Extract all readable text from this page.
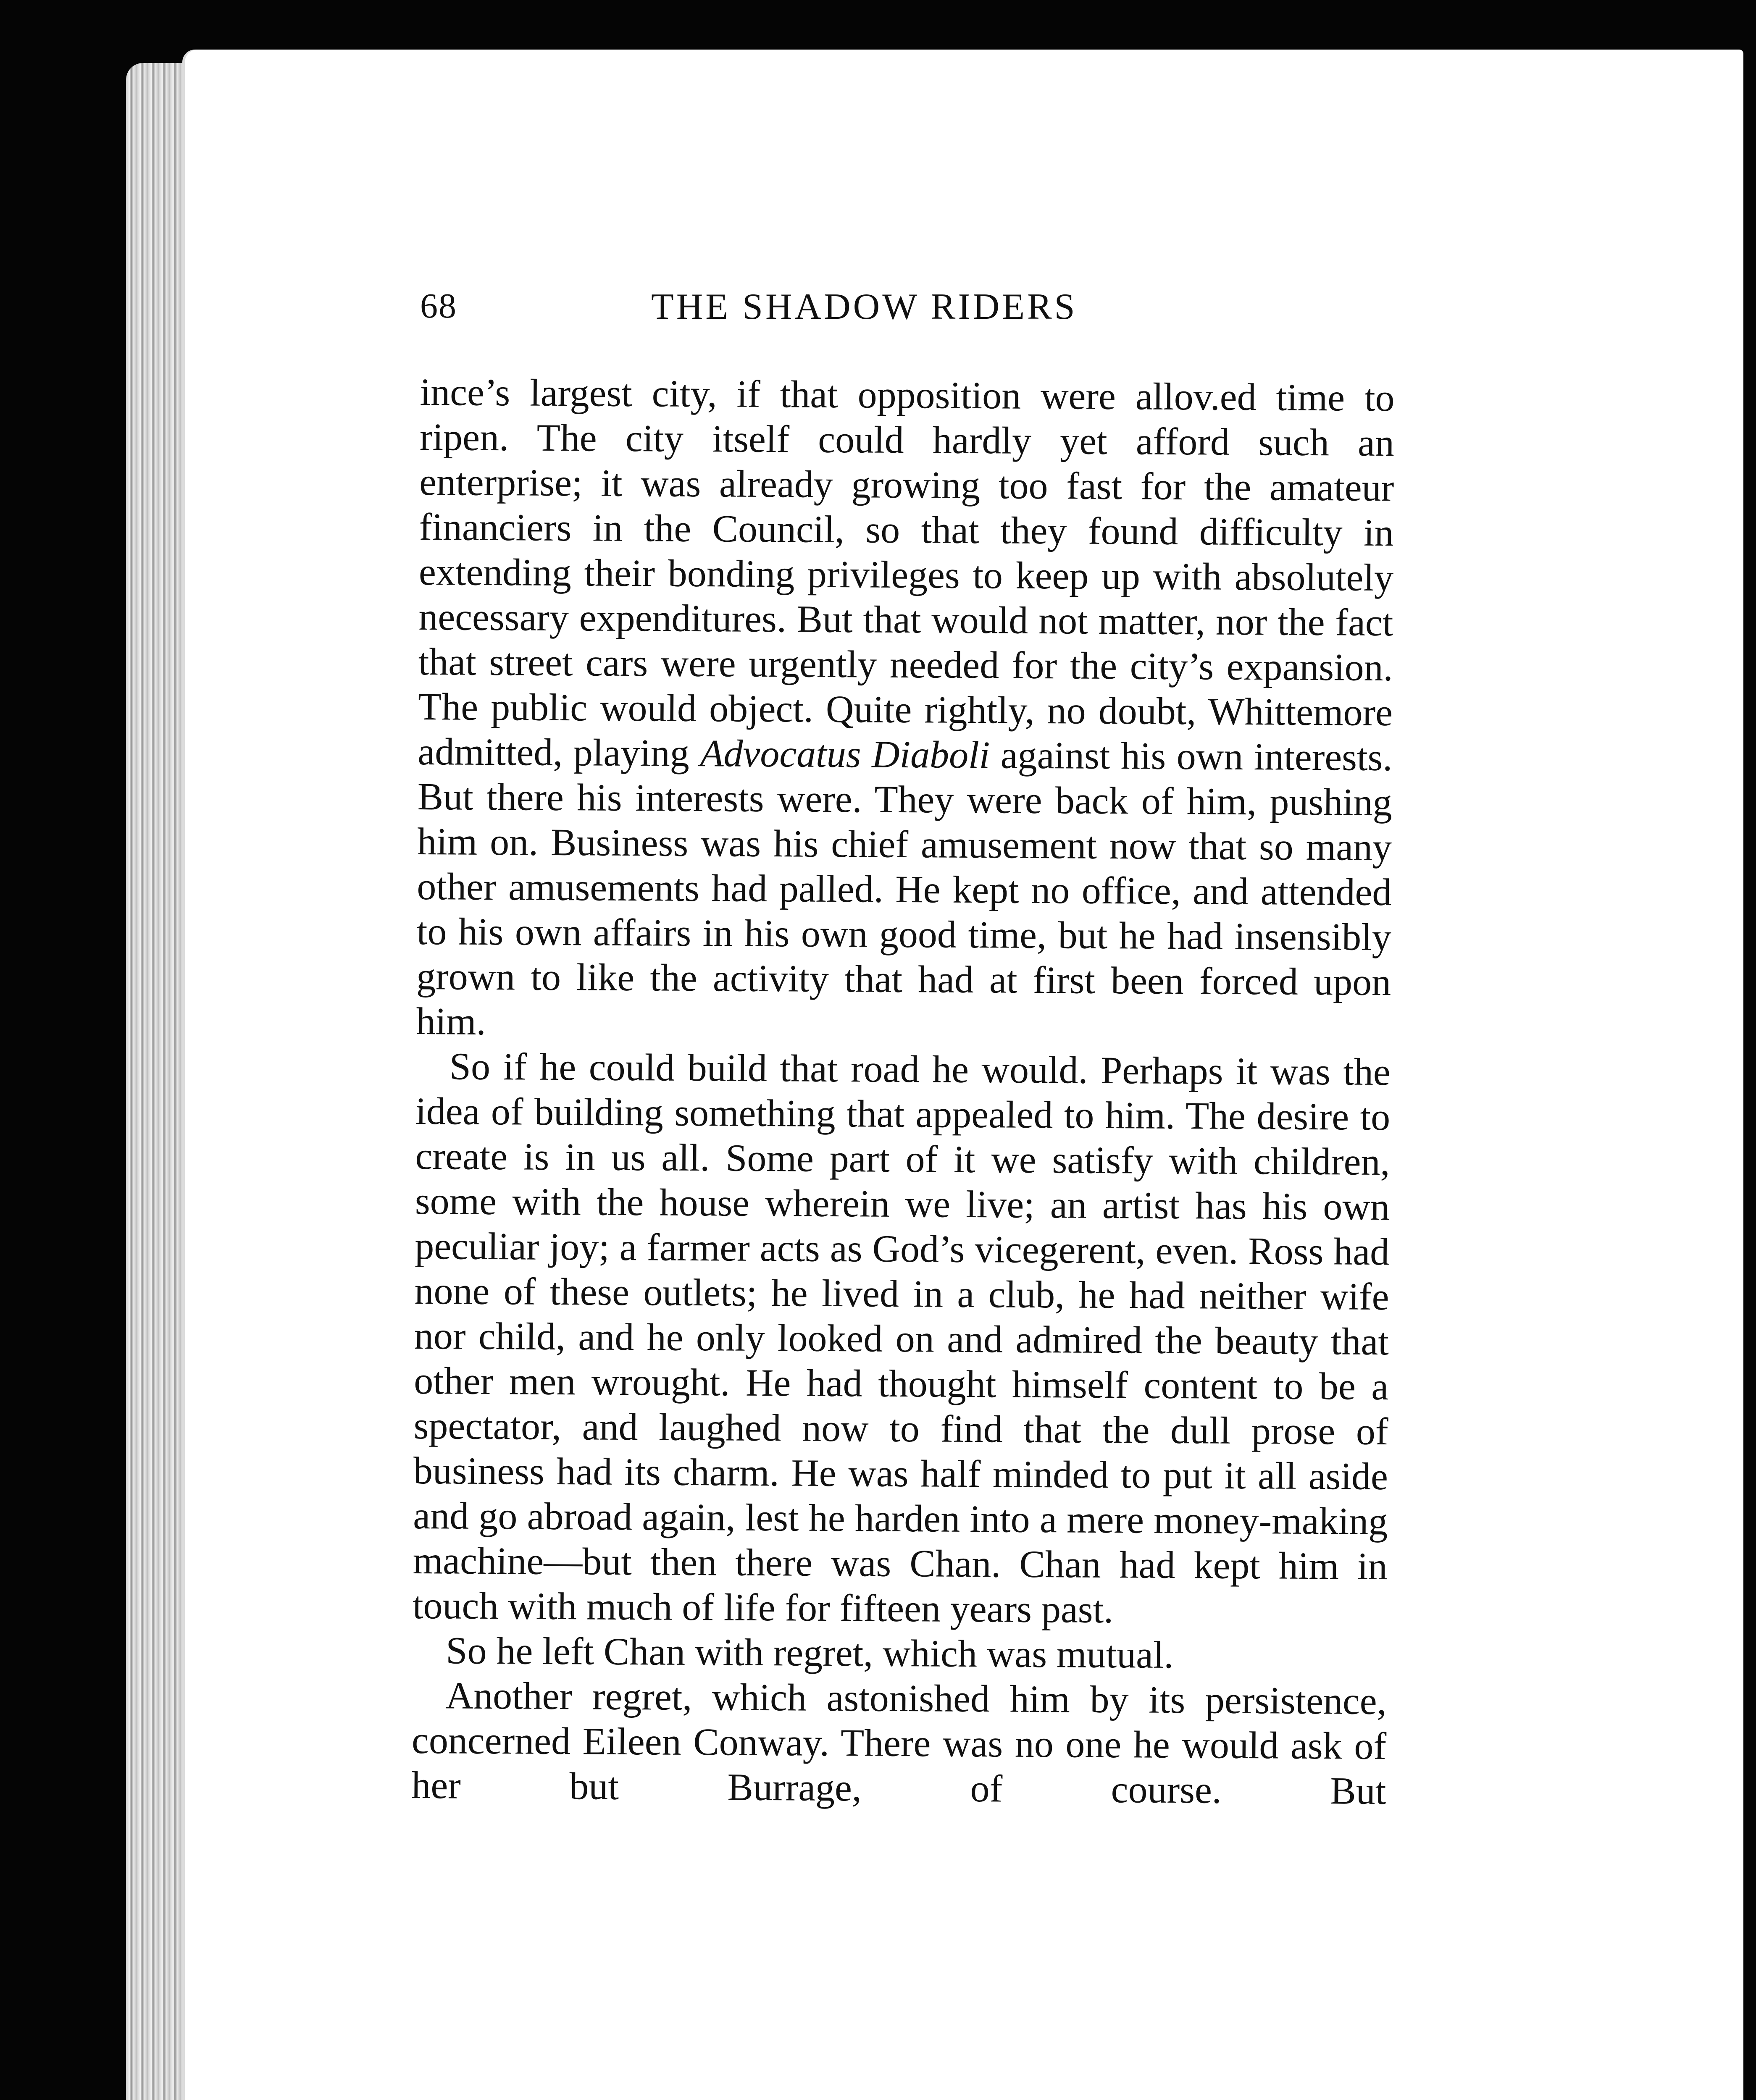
68	THE SHADOW RIDERS

ince’s largest city, if that opposition were allov.ed time to ripen. The city itself could hardly yet afford such an enterprise; it was already growing too fast for the amateur financiers in the Council, so that they found difficulty in extending their bonding privileges to keep up with absolutely necessary expenditures. But that would not matter, nor the fact that street cars were urgently needed for the city’s expansion. The public would object. Quite rightly, no doubt, Whittemore admitted, playing Advocatus Diaboli against his own interests. But there his interests were. They were back of him, pushing him on. Business was his chief amusement now that so many other amusements had palled. He kept no office, and attended to his own affairs in his own good time, but he had insensibly grown to like the activity that had at first been forced upon him.

So if he could build that road he would. Perhaps it was the idea of building something that appealed to him. The desire to create is in us all. Some part of it we satisfy with children, some with the house wherein we live; an artist has his own peculiar joy; a farmer acts as God’s vicegerent, even. Ross had none of these outlets; he lived in a club, he had neither wife nor child, and he only looked on and admired the beauty that other men wrought. He had thought himself content to be a spectator, and laughed now to find that the dull prose of business had its charm. He was half minded to put it all aside and go abroad again, lest he harden into a mere money-making machine—but then there was Chan. Chan had kept him in touch with much of life for fifteen years past.

So he left Chan with regret, which was mutual.

Another regret, which astonished him by its persistence, concerned Eileen Conway. There was no one he would ask of her but Burrage, of course. But
